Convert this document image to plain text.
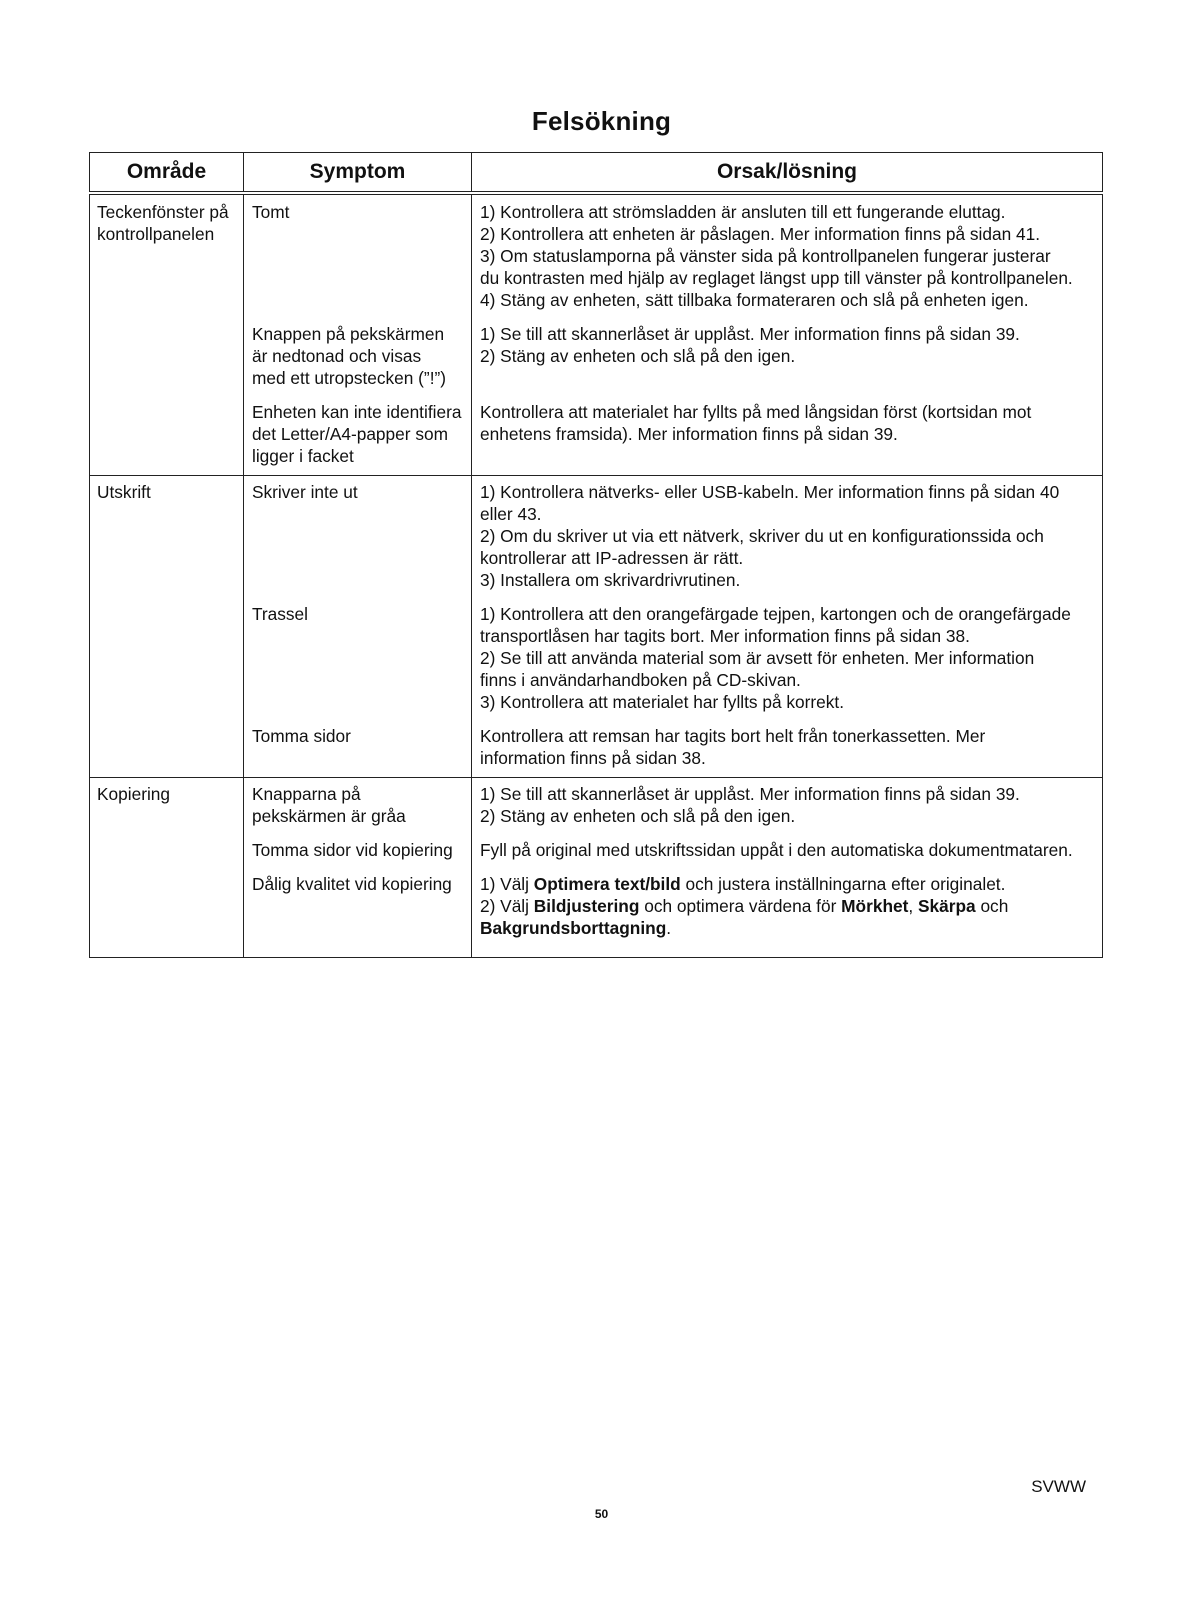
Felsökning
Område	Symptom	Orsak/lösning

Teckenfönster på
kontrollpanelen	Tomt	1) Kontrollera att strömsladden är ansluten till ett fungerande eluttag.
2) Kontrollera att enheten är påslagen. Mer information finns på sidan 41.
3) Om statuslamporna på vänster sida på kontrollpanelen fungerar justerar
du kontrasten med hjälp av reglaget längst upp till vänster på kontrollpanelen.
4) Stäng av enheten, sätt tillbaka formateraren och slå på enheten igen.

	Knappen på pekskärmen
är nedtonad och visas
med ett utropstecken (”!”)	1) Se till att skannerlåset är upplåst. Mer information finns på sidan 39.
2) Stäng av enheten och slå på den igen.

	Enheten kan inte identifiera
det Letter/A4-papper som
ligger i facket	Kontrollera att materialet har fyllts på med långsidan först (kortsidan mot
enhetens framsida). Mer information finns på sidan 39.

Utskrift	Skriver inte ut	1) Kontrollera nätverks- eller USB-kabeln. Mer information finns på sidan 40
eller 43.
2) Om du skriver ut via ett nätverk, skriver du ut en konfigurationssida och
kontrollerar att IP-adressen är rätt.
3) Installera om skrivardrivrutinen.

	Trassel	1) Kontrollera att den orangefärgade tejpen, kartongen och de orangefärgade
transportlåsen har tagits bort. Mer information finns på sidan 38.
2) Se till att använda material som är avsett för enheten. Mer information
finns i användarhandboken på CD-skivan.
3) Kontrollera att materialet har fyllts på korrekt.

	Tomma sidor	Kontrollera att remsan har tagits bort helt från tonerkassetten. Mer
information finns på sidan 38.

Kopiering	Knapparna på
pekskärmen är gråa	1) Se till att skannerlåset är upplåst. Mer information finns på sidan 39.
2) Stäng av enheten och slå på den igen.

	Tomma sidor vid kopiering	Fyll på original med utskriftssidan uppåt i den automatiska dokumentmataren.

	Dålig kvalitet vid kopiering	1) Välj Optimera text/bild och justera inställningarna efter originalet.
2) Välj Bildjustering och optimera värdena för Mörkhet, Skärpa och
Bakgrundsborttagning.
SVWW
50
